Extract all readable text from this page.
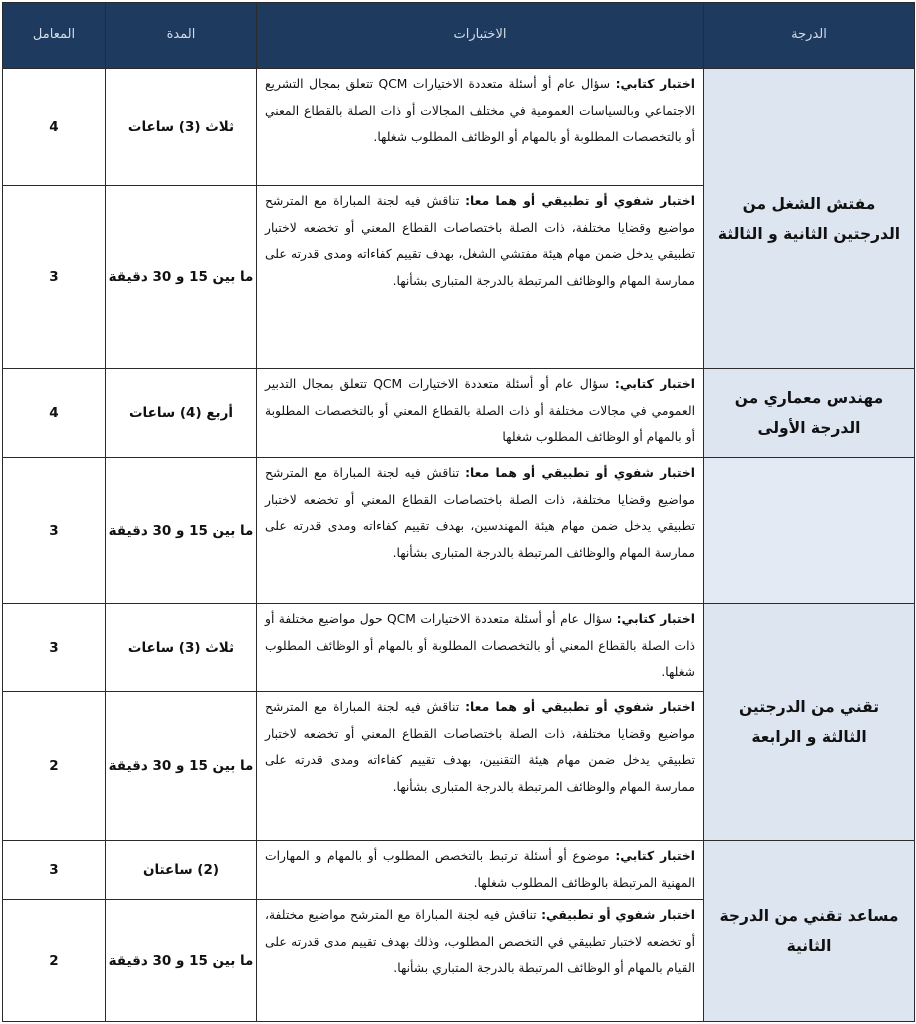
الدرجة	الاختبارات	المدة	المعامل
مفتش الشغل من الدرجتين الثانية و الثالثة	اختبار كتابي: سؤال عام أو أسئلة متعددة الاختيارات QCM تتعلق بمجال التشريع الاجتماعي وبالسياسات العمومية في مختلف المجالات أو ذات الصلة بالقطاع المعني أو بالتخصصات المطلوبة أو بالمهام أو الوظائف المطلوب شغلها.	ثلاث (3) ساعات	4
	اختبار شفوي أو تطبيقي أو هما معا: تناقش فيه لجنة المباراة مع المترشح مواضيع وقضايا مختلفة، ذات الصلة باختصاصات القطاع المعني أو تخضعه لاختبار تطبيقي يدخل ضمن مهام هيئة مفتشي الشغل، بهدف تقييم كفاءاته ومدى قدرته على ممارسة المهام والوظائف المرتبطة بالدرجة المتبارى بشأنها.	ما بين 15 و 30 دقيقة	3
مهندس معماري من الدرجة الأولى	اختبار كتابي: سؤال عام أو أسئلة متعددة الاختيارات QCM تتعلق بمجال التدبير العمومي في مجالات مختلفة أو ذات الصلة بالقطاع المعني أو بالتخصصات المطلوبة أو بالمهام أو الوظائف المطلوب شغلها	أربع (4) ساعات	4
	اختبار شفوي أو تطبيقي أو هما معا: تناقش فيه لجنة المباراة مع المترشح مواضيع وقضايا مختلفة، ذات الصلة باختصاصات القطاع المعني أو تخضعه لاختبار تطبيقي يدخل ضمن مهام هيئة المهندسين، بهدف تقييم كفاءاته ومدى قدرته على ممارسة المهام والوظائف المرتبطة بالدرجة المتبارى بشأنها.	ما بين 15 و 30 دقيقة	3
تقني من الدرجتين الثالثة و الرابعة	اختبار كتابي: سؤال عام أو أسئلة متعددة الاختيارات QCM حول مواضيع مختلفة أو ذات الصلة بالقطاع المعني أو بالتخصصات المطلوبة أو بالمهام أو الوظائف المطلوب شغلها.	ثلاث (3) ساعات	3
	اختبار شفوي أو تطبيقي أو هما معا: تناقش فيه لجنة المباراة مع المترشح مواضيع وقضايا مختلفة، ذات الصلة باختصاصات القطاع المعني أو تخضعه لاختبار تطبيقي يدخل ضمن مهام هيئة التقنيين، بهدف تقييم كفاءاته ومدى قدرته على ممارسة المهام والوظائف المرتبطة بالدرجة المتبارى بشأنها.	ما بين 15 و 30 دقيقة	2
مساعد تقني من الدرجة الثانية	اختبار كتابي: موضوع أو أسئلة ترتبط بالتخصص المطلوب أو بالمهام و المهارات المهنية المرتبطة بالوظائف المطلوب شغلها.	(2) ساعتان	3
	اختبار شفوي أو تطبيقي: تناقش فيه لجنة المباراة مع المترشح مواضيع مختلفة، أو تخضعه لاختبار تطبيقي في التخصص المطلوب، وذلك بهدف تقييم مدى قدرته على القيام بالمهام أو الوظائف المرتبطة بالدرجة المتباري بشأنها.	ما بين 15 و 30 دقيقة	2
